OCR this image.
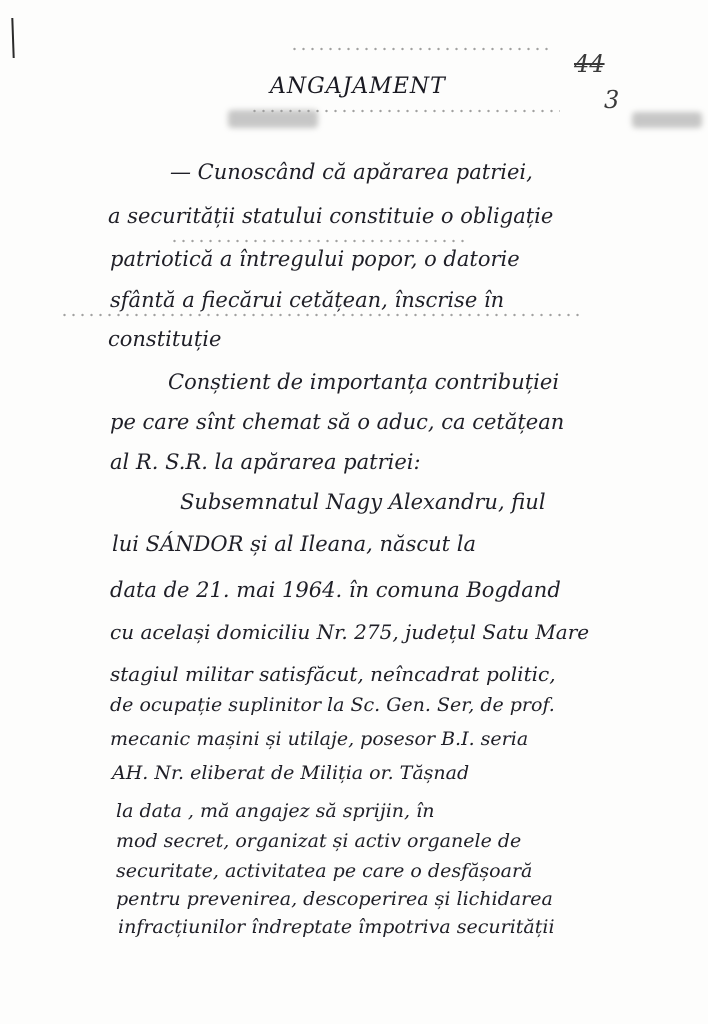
44
3
ANGAJAMENT
— Cunoscând că apărarea patriei,
a securității statului constituie o obligație
patriotică a întregului popor, o datorie
sfântă a fiecărui cetățean, înscrise în
constituție
Conștient de importanța contribuției
pe care sînt chemat să o aduc, ca cetățean
al R. S.R. la apărarea patriei:
Subsemnatul Nagy Alexandru, fiul
lui SÁNDOR și al Ileana, născut la
data de 21. mai 1964. în comuna Bogdand
cu același domiciliu Nr. 275, județul Satu Mare
stagiul militar satisfăcut, neîncadrat politic,
de ocupație suplinitor la Sc. Gen. Ser, de prof.
mecanic mașini și utilaje, posesor B.I. seria
AH. Nr. eliberat de Miliția or. Tășnad
la data , mă angajez să sprijin, în
mod secret, organizat și activ organele de
securitate, activitatea pe care o desfășoară
pentru prevenirea, descoperirea și lichidarea
infracțiunilor îndreptate împotriva securității
